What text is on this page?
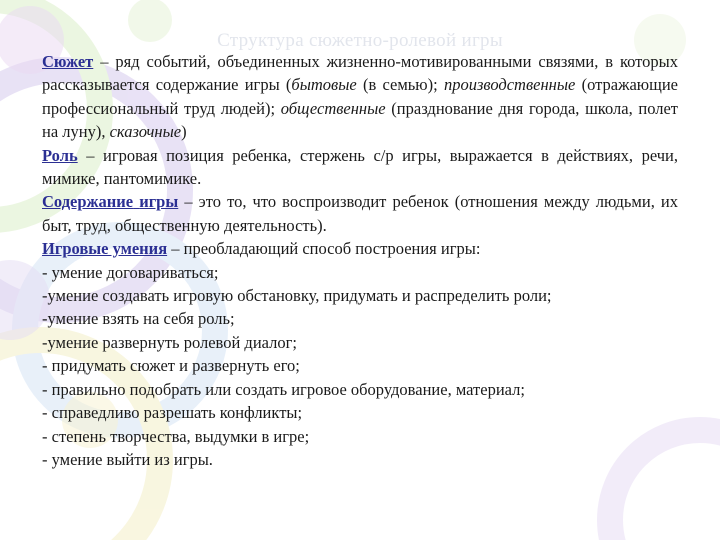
Структура сюжетно-ролевой игры

Сюжет – ряд событий, объединенных жизненно-мотивированными связями, в которых рассказывается содержание игры (бытовые (в семью); производственные (отражающие профессиональный труд людей); общественные (празднование дня города, школа, полет на луну), сказочные)

Роль – игровая позиция ребенка, стержень с/р игры, выражается в действиях, речи, мимике, пантомимике.

Содержание игры – это то, что воспроизводит ребенок (отношения между людьми, их быт, труд, общественную деятельность).

Игровые умения – преобладающий способ построения игры:

- умение договариваться;
-умение создавать игровую обстановку, придумать и распределить роли;
-умение взять на себя роль;
-умение развернуть ролевой диалог;
- придумать сюжет и развернуть его;
- правильно подобрать или создать игровое оборудование, материал;
- справедливо разрешать конфликты;
- степень творчества, выдумки в игре;
- умение выйти из игры.
